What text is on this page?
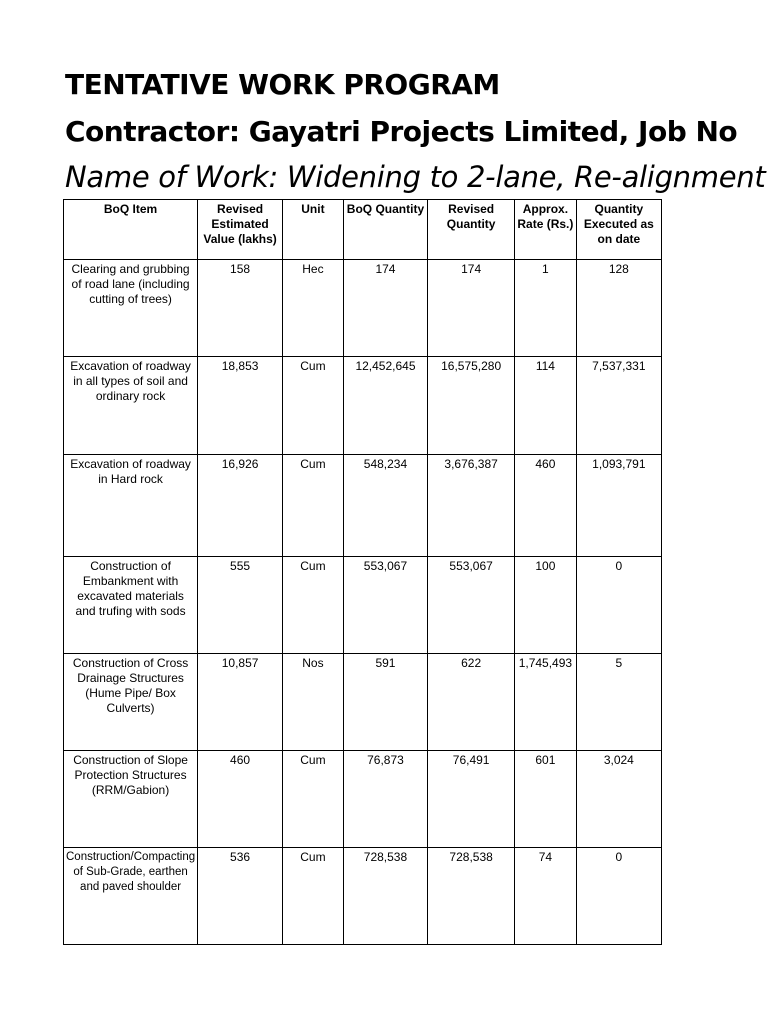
TENTATIVE WORK PROGRAM
Contractor: Gayatri Projects Limited, Job No
Name of Work: Widening to 2-lane, Re-alignment
BoQ Item	Revised Estimated Value (lakhs)	Unit	BoQ Quantity	Revised Quantity	Approx. Rate (Rs.)	Quantity Executed as on date
Clearing and grubbing of road lane (including cutting of trees)	158	Hec	174	174	1	128
Excavation of roadway in all types of soil and ordinary rock	18,853	Cum	12,452,645	16,575,280	114	7,537,331
Excavation of roadway in Hard rock	16,926	Cum	548,234	3,676,387	460	1,093,791
Construction of Embankment with excavated materials and trufing with sods	555	Cum	553,067	553,067	100	0
Construction of Cross Drainage Structures (Hume Pipe/ Box Culverts)	10,857	Nos	591	622	1,745,493	5
Construction of Slope Protection Structures (RRM/Gabion)	460	Cum	76,873	76,491	601	3,024
Construction/Compacting of Sub-Grade, earthen and paved shoulder	536	Cum	728,538	728,538	74	0
